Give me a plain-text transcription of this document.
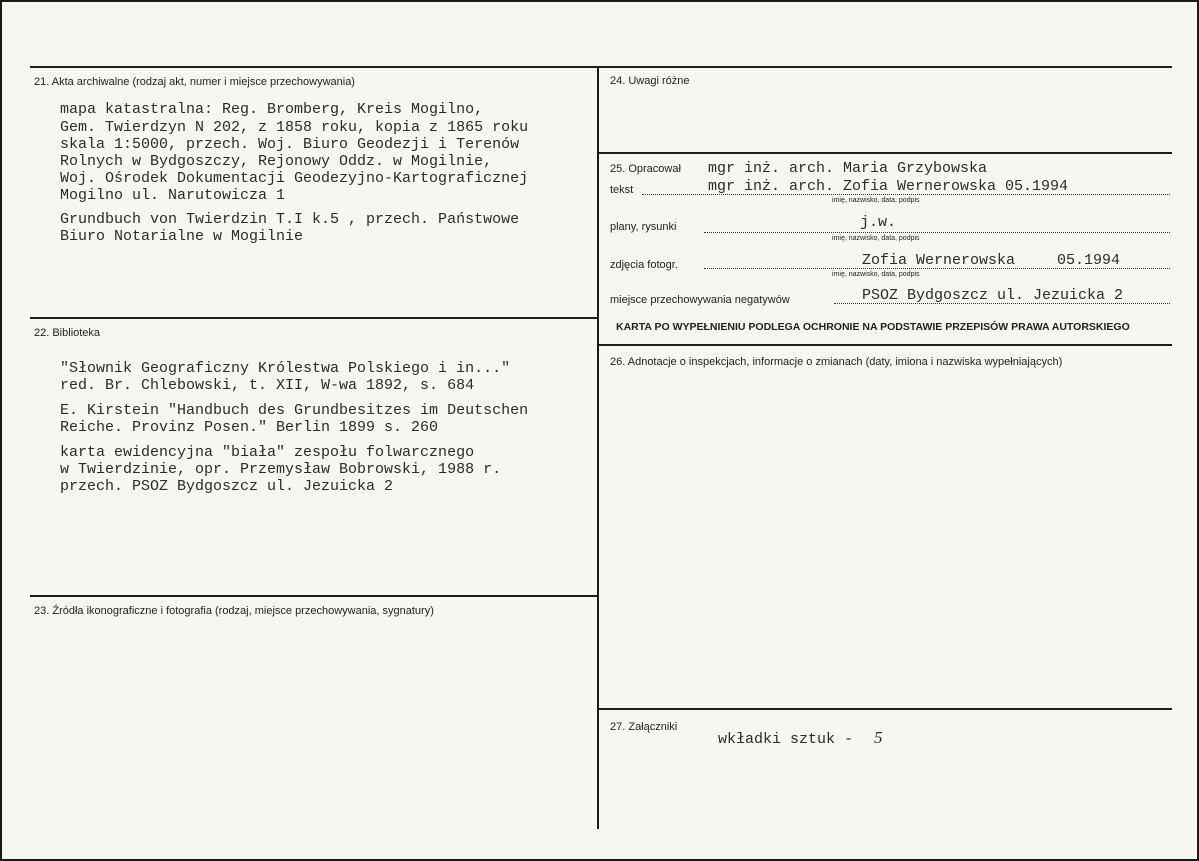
21. Akta archiwalne (rodzaj akt, numer i miejsce przechowywania)
mapa katastralna: Reg. Bromberg, Kreis Mogilno,
Gem. Twierdzyn N 202, z 1858 roku, kopia z 1865 roku
skala 1:5000, przech. Woj. Biuro Geodezji i Terenów
Rolnych w Bydgoszczy, Rejonowy Oddz. w Mogilnie,
Woj. Ośrodek Dokumentacji Geodezyjno-Kartograficznej
Mogilno ul. Narutowicza 1
Grundbuch von Twierdzin T.I k.5 , przech. Państwowe
Biuro Notarialne w Mogilnie
22. Biblioteka
"Słownik Geograficzny Królestwa Polskiego i in..."
red. Br. Chlebowski, t. XII, W-wa 1892, s. 684
E. Kirstein "Handbuch des Grundbesitzes im Deutschen
Reiche. Provinz Posen." Berlin 1899 s. 260
karta ewidencyjna "biała" zespołu folwarcznego
w Twierdzinie, opr. Przemysław Bobrowski, 1988 r.
przech. PSOZ Bydgoszcz ul. Jezuicka 2
23. Źródła ikonograficzne i fotografia (rodzaj, miejsce przechowywania, sygnatury)
24. Uwagi różne
25. Opracował mgr inż. arch. Maria Grzybowska
tekst	mgr inż. arch. Zofia Wernerowska 05.1994
imię, nazwisko, data, podpis
plany, rysunki	j.w.
imię, nazwisko, data, podpis
zdjęcia fotogr.	Zofia Wernerowska	05.1994
imię, nazwisko, data, podpis
miejsce przechowywania negatywów	PSOZ Bydgoszcz ul. Jezuicka 2
KARTA PO WYPEŁNIENIU PODLEGA OCHRONIE NA PODSTAWIE PRZEPISÓW PRAWA AUTORSKIEGO
26. Adnotacje o inspekcjach, informacje o zmianach (daty, imiona i nazwiska wypełniających)
27. Załączniki
wkładki sztuk - 5
